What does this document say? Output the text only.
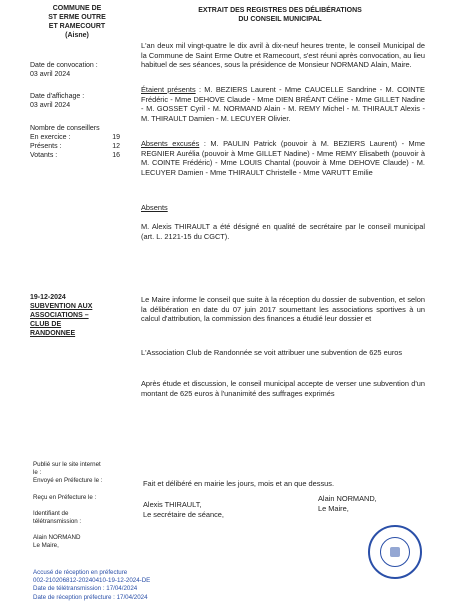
COMMUNE DE
ST ERME OUTRE
ET RAMECOURT
(Aisne)
EXTRAIT DES REGISTRES DES DÉLIBÉRATIONS
DU CONSEIL MUNICIPAL
Date de convocation :
03 avril 2024
Date d'affichage :
03 avril 2024
Nombre de conseillers
En exercice :	19
Présents :	12
Votants :	16
L'an deux mil vingt-quatre le dix avril à dix-neuf heures trente, le conseil Municipal de la Commune de Saint Erme Outre et Ramecourt, s'est réuni après convocation, au lieu habituel de ses séances, sous la présidence de Monsieur NORMAND Alain, Maire.
Étaient présents : M. BEZIERS Laurent - Mme CAUCELLE Sandrine - M. COINTE Frédéric - Mme DEHOVE Claude - Mme DIEN BRÉANT Céline - Mme GILLET Nadine - M. GOSSET Cyril - M. NORMAND Alain - M. REMY Michel - M. THIRAULT Alexis - M. THIRAULT Damien - M. LECUYER Olivier.
Absents excusés : M. PAULIN Patrick (pouvoir à M. BEZIERS Laurent) - Mme REGNIER Aurélia (pouvoir à Mme GILLET Nadine) - Mme REMY Elisabeth (pouvoir à M. COINTE Frédéric) - Mme LOUIS Chantal (pouvoir à Mme DEHOVE Claude) - M. LECUYER Damien - Mme THIRAULT Christelle - Mme VARUTT Emilie
Absents
M. Alexis THIRAULT a été désigné en qualité de secrétaire par le conseil municipal (art. L. 2121-15 du CGCT).
19-12-2024
SUBVENTION AUX
ASSOCIATIONS –
CLUB DE
RANDONNEE
Le Maire informe le conseil que suite à la réception du dossier de subvention, et selon la délibération en date du 07 juin 2017 soumettant les associations sportives à un calcul d'attribution, la commission des finances a étudié leur dossier et
L'Association Club de Randonnée se voit attribuer une subvention de 625 euros
Après étude et discussion, le conseil municipal accepte de verser une subvention d'un montant de 625 euros à l'unanimité des suffrages exprimés
Publié sur le site internet
le :
Envoyé en Préfecture le :
Reçu en Préfecture le :
Identifiant de
télétransmission :
Alain NORMAND
Le Maire,
Fait et délibéré en mairie les jours, mois et an que dessus.
Alexis THIRAULT,
Le secrétaire de séance,
Alain NORMAND,
Le Maire,
Accusé de réception en préfecture
002-210206812-20240410-19-12-2024-DE
Date de télétransmission : 17/04/2024
Date de réception préfecture : 17/04/2024
